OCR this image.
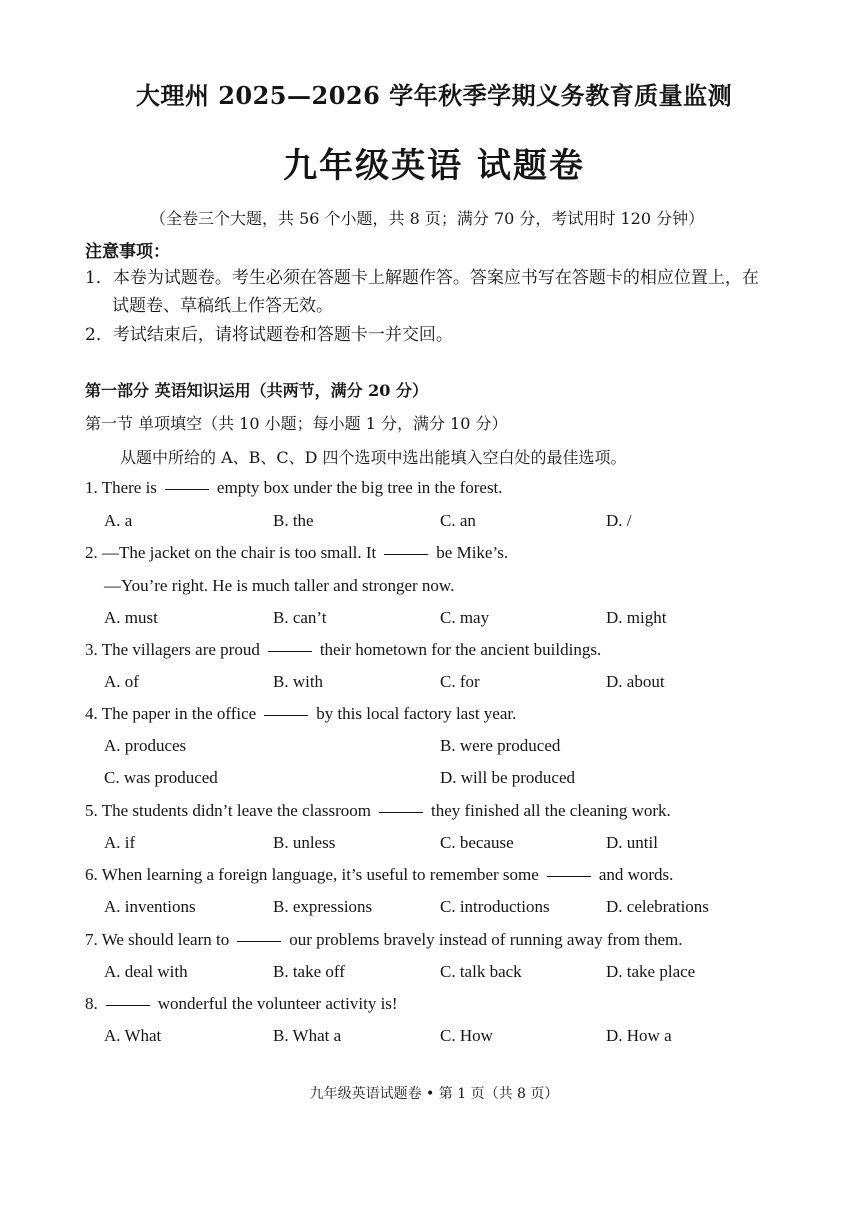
大理州 2025—2026 学年秋季学期义务教育质量监测
九年级英语 试题卷
（全卷三个大题，共 56 个小题，共 8 页；满分 70 分，考试用时 120 分钟）
注意事项：
1．本卷为试题卷。考生必须在答题卡上解题作答。答案应书写在答题卡的相应位置上，在
试题卷、草稿纸上作答无效。
2．考试结束后，请将试题卷和答题卡一并交回。
第一部分 英语知识运用（共两节，满分 20 分）
第一节 单项填空（共 10 小题；每小题 1 分，满分 10 分）
从题中所给的 A、B、C、D 四个选项中选出能填入空白处的最佳选项。
1. There is	empty box under the big tree in the forest.
A. a	B. the	C. an	D. /
2. —The jacket on the chair is too small. It	be Mike’s.
—You’re right. He is much taller and stronger now.
A. must	B. can’t	C. may	D. might
3. The villagers are proud	their hometown for the ancient buildings.
A. of	B. with	C. for	D. about
4. The paper in the office	by this local factory last year.
A. produces	B. were produced
C. was produced	D. will be produced
5. The students didn’t leave the classroom	they finished all the cleaning work.
A. if	B. unless	C. because	D. until
6. When learning a foreign language, it’s useful to remember some	and words.
A. inventions	B. expressions	C. introductions	D. celebrations
7. We should learn to	our problems bravely instead of running away from them.
A. deal with	B. take off	C. talk back	D. take place
8.	wonderful the volunteer activity is!
A. What	B. What a	C. How	D. How a
九年级英语试题卷 • 第 1 页（共 8 页）
